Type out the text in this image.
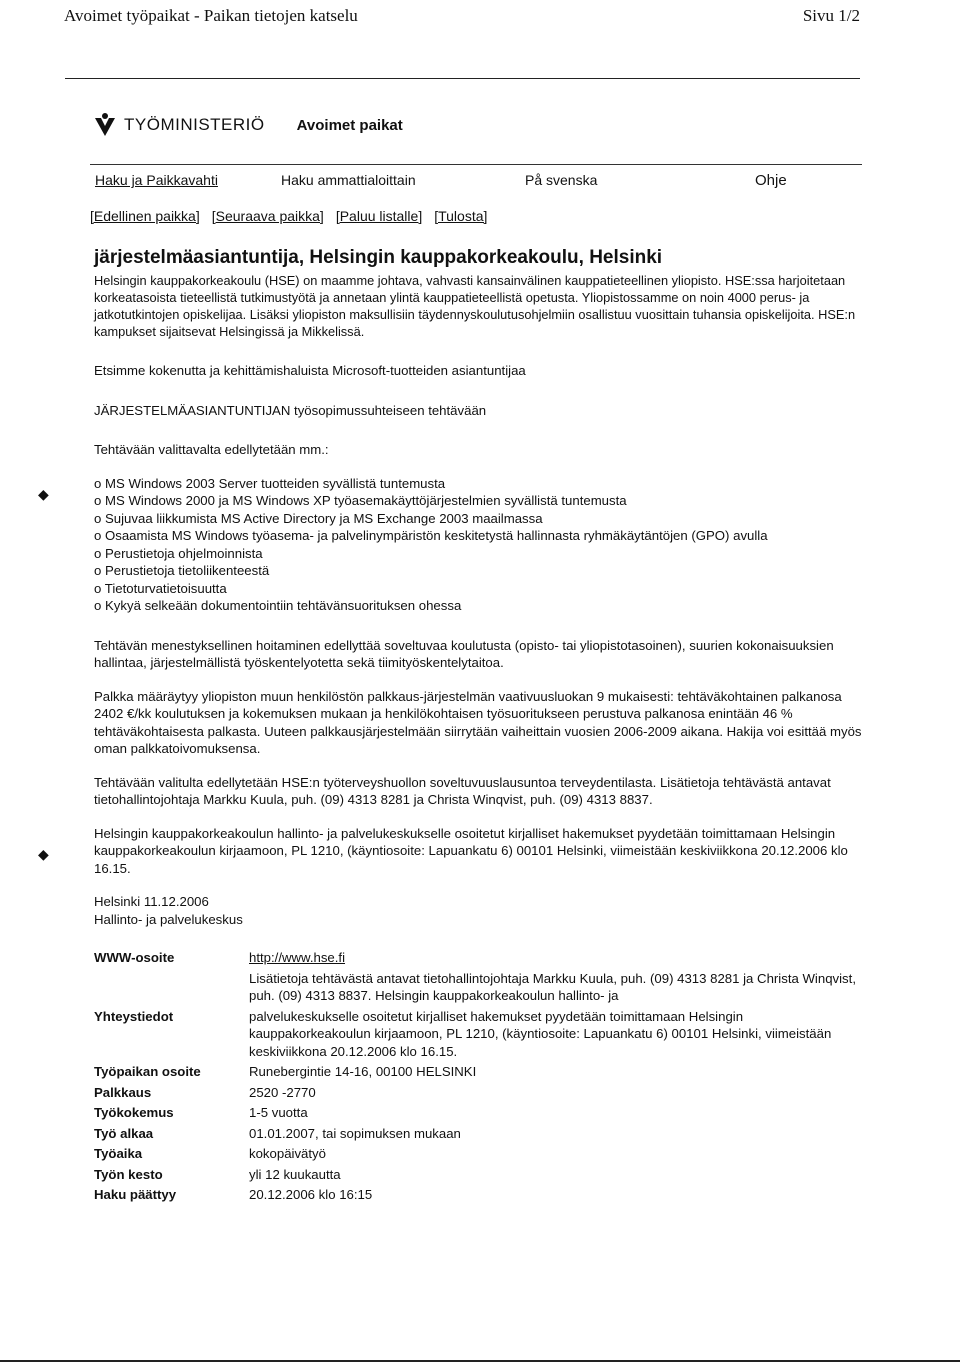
Avoimet työpaikat - Paikan tietojen katselu	Sivu 1/2
TYÖMINISTERIÖ Avoimet paikat
Haku ja Paikkavahti	Haku ammattialoittain	På svenska	Ohje
[Edellinen paikka] [Seuraava paikka] [Paluu listalle] [Tulosta]
◆
◆
järjestelmäasiantuntija, Helsingin kauppakorkeakoulu, Helsinki

Helsingin kauppakorkeakoulu (HSE) on maamme johtava, vahvasti kansainvälinen kauppatieteellinen yliopisto. HSE:ssa harjoitetaan korkeatasoista tieteellistä tutkimustyötä ja annetaan ylintä kauppatieteellistä opetusta. Yliopistossamme on noin 4000 perus- ja jatkotutkintojen opiskelijaa. Lisäksi yliopiston maksullisiin täydennyskoulutusohjelmiin osallistuu vuosittain tuhansia opiskelijoita. HSE:n kampukset sijaitsevat Helsingissä ja Mikkelissä.

Etsimme kokenutta ja kehittämishaluista Microsoft-tuotteiden asiantuntijaa

JÄRJESTELMÄASIANTUNTIJAN työsopimussuhteiseen tehtävään

Tehtävään valittavalta edellytetään mm.:

o MS Windows 2003 Server tuotteiden syvällistä tuntemusta
o MS Windows 2000 ja MS Windows XP työasemakäyttöjärjestelmien syvällistä tuntemusta
o Sujuvaa liikkumista MS Active Directory ja MS Exchange 2003 maailmassa
o Osaamista MS Windows työasema- ja palvelinympäristön keskitetystä hallinnasta ryhmäkäytäntöjen (GPO) avulla
o Perustietoja ohjelmoinnista
o Perustietoja tietoliikenteestä
o Tietoturvatietoisuutta
o Kykyä selkeään dokumentointiin tehtävänsuorituksen ohessa

Tehtävän menestyksellinen hoitaminen edellyttää soveltuvaa koulutusta (opisto- tai yliopistotasoinen), suurien kokonaisuuksien hallintaa, järjestelmällistä työskentelyotetta sekä tiimityöskentelytaitoa.

Palkka määräytyy yliopiston muun henkilöstön palkkaus-järjestelmän vaativuusluokan 9 mukaisesti: tehtäväkohtainen palkanosa 2402 €/kk koulutuksen ja kokemuksen mukaan ja henkilökohtaisen työsuoritukseen perustuva palkanosa enintään 46 % tehtäväkohtaisesta palkasta. Uuteen palkkausjärjestelmään siirrytään vaiheittain vuosien 2006-2009 aikana. Hakija voi esittää myös oman palkkatoivomuksensa.

Tehtävään valitulta edellytetään HSE:n työterveyshuollon soveltuvuuslausuntoa terveydentilasta. Lisätietoja tehtävästä antavat tietohallintojohtaja Markku Kuula, puh. (09) 4313 8281 ja Christa Winqvist, puh. (09) 4313 8837.

Helsingin kauppakorkeakoulun hallinto- ja palvelukeskukselle osoitetut kirjalliset hakemukset pyydetään toimittamaan Helsingin kauppakorkeakoulun kirjaamoon, PL 1210, (käyntiosoite: Lapuankatu 6) 00101 Helsinki, viimeistään keskiviikkona 20.12.2006 klo 16.15.

Helsinki 11.12.2006

Hallinto- ja palvelukeskus

WWW-osoite	http://www.hse.fi
	Lisätietoja tehtävästä antavat tietohallintojohtaja Markku Kuula, puh. (09) 4313 8281 ja Christa Winqvist, puh. (09) 4313 8837. Helsingin kauppakorkeakoulun hallinto- ja
Yhteystiedot	palvelukeskukselle osoitetut kirjalliset hakemukset pyydetään toimittamaan Helsingin kauppakorkeakoulun kirjaamoon, PL 1210, (käyntiosoite: Lapuankatu 6) 00101 Helsinki, viimeistään keskiviikkona 20.12.2006 klo 16.15.
Työpaikan osoite	Runebergintie 14-16, 00100 HELSINKI
Palkkaus	2520 -2770
Työkokemus	1-5 vuotta
Työ alkaa	01.01.2007, tai sopimuksen mukaan
Työaika	kokopäivätyö
Työn kesto	yli 12 kuukautta
Haku päättyy	20.12.2006 klo 16:15
